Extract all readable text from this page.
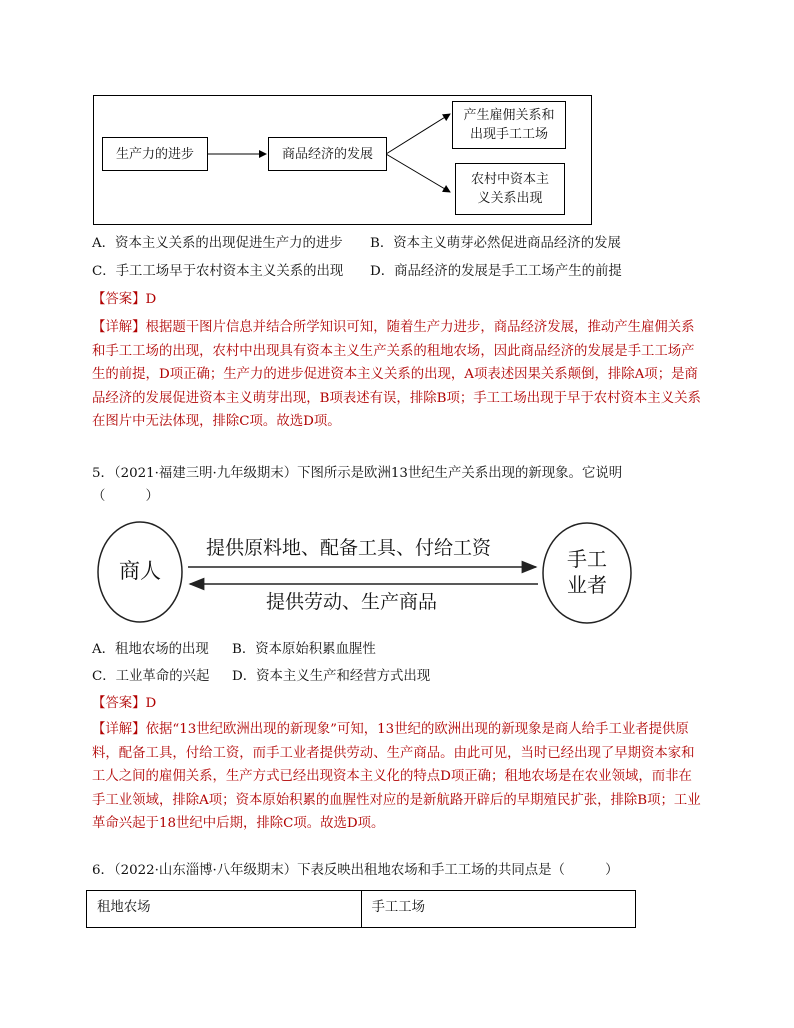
生产力的进步	商品经济的发展
产生雇佣关系和
出现手工工场
农村中资本主
义关系出现
A．资本主义关系的出现促进生产力的进步 B．资本主义萌芽必然促进商品经济的发展
C．手工工场早于农村资本主义关系的出现 D．商品经济的发展是手工工场产生的前提
【答案】D
【详解】根据题干图片信息并结合所学知识可知，随着生产力进步，商品经济发展，推动产生雇佣关系和手工工场的出现，农村中出现具有资本主义生产关系的租地农场，因此商品经济的发展是手工工场产生的前提，D项正确；生产力的进步促进资本主义关系的出现，A项表述因果关系颠倒，排除A项；是商品经济的发展促进资本主义萌芽出现，B项表述有误，排除B项；手工工场出现于早于农村资本主义关系在图片中无法体现，排除C项。故选D项。
5．（2021·福建三明·九年级期末）下图所示是欧洲13世纪生产关系出现的新现象。它说明
（　　　）
商人	手工
业者
提供原料地、配备工具、付给工资
提供劳动、生产商品
A．租地农场的出现 B．资本原始积累血腥性
C．工业革命的兴起 D．资本主义生产和经营方式出现
【答案】D
【详解】依据“13世纪欧洲出现的新现象”可知，13世纪的欧洲出现的新现象是商人给手工业者提供原料，配备工具，付给工资，而手工业者提供劳动、生产商品。由此可见，当时已经出现了早期资本家和工人之间的雇佣关系，生产方式已经出现资本主义化的特点D项正确；租地农场是在农业领域，而非在手工业领域，排除A项；资本原始积累的血腥性对应的是新航路开辟后的早期殖民扩张，排除B项；工业革命兴起于18世纪中后期，排除C项。故选D项。
6．（2022·山东淄博·八年级期末）下表反映出租地农场和手工工场的共同点是（　　　）
租地农场	手工工场
